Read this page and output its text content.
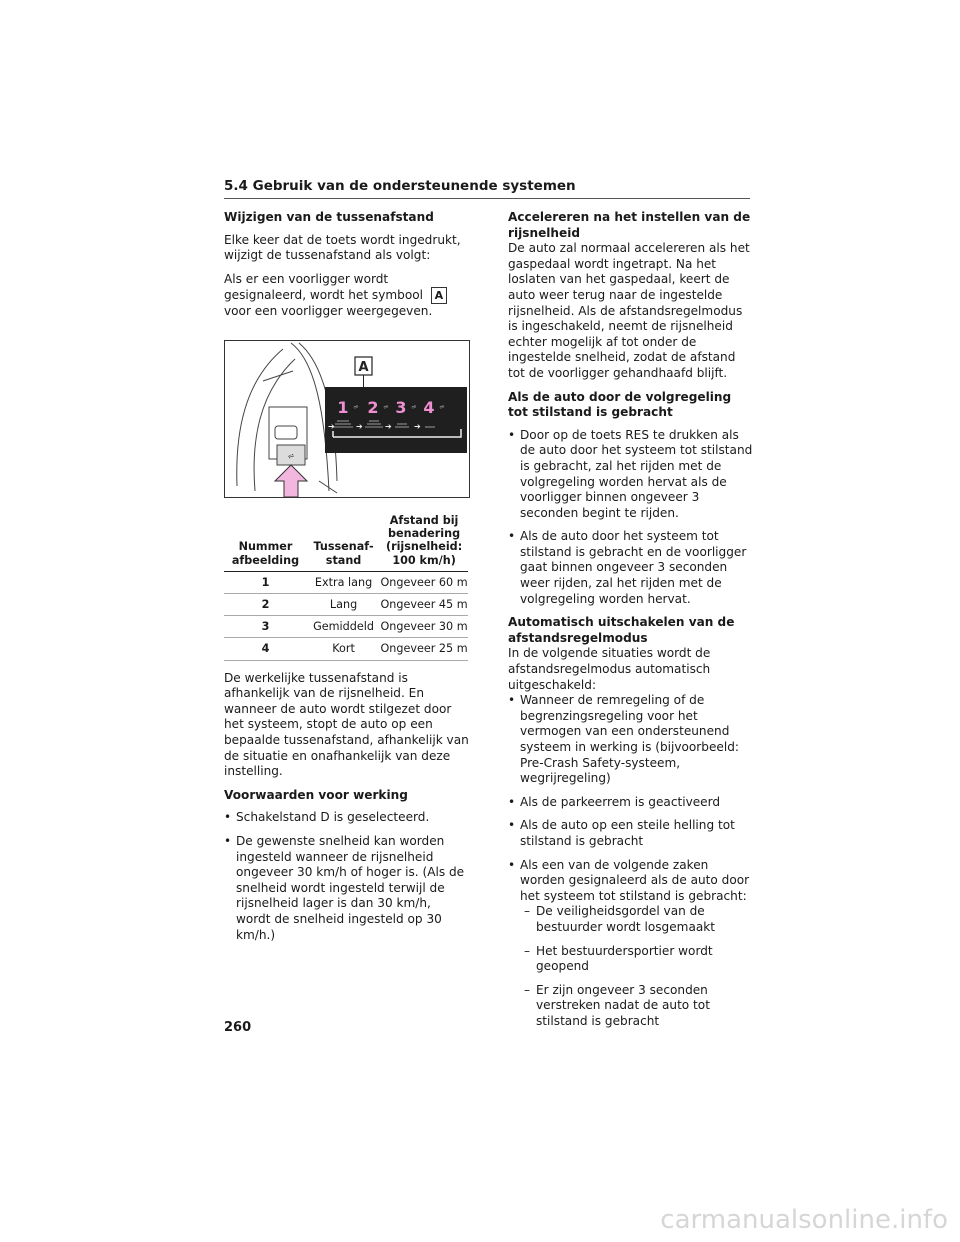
5.4 Gebruik van de ondersteunende systemen
Wijzigen van de tussenafstand

Elke keer dat de toets wordt ingedrukt, wijzigt de tussenafstand als volgt:

Als er een voorligger wordt gesignaleerd, wordt het symbool A voor een voorligger weergegeven.

⩫
A
1 2 3 4
⩫	⩫	⩫	⩫
➔	➔	➔
➔
Nummer afbeelding	Tussenaf-stand	Afstand bij benadering (rijsnelheid: 100 km/h)
1	Extra lang	Ongeveer 60 m
2	Lang	Ongeveer 45 m
3	Gemiddeld	Ongeveer 30 m
4	Kort	Ongeveer 25 m

De werkelijke tussenafstand is afhankelijk van de rijsnelheid. En wanneer de auto wordt stilgezet door het systeem, stopt de auto op een bepaalde tussenafstand, afhankelijk van de situatie en onafhankelijk van deze instelling.

Voorwaarden voor werking

• Schakelstand D is geselecteerd.

• De gewenste snelheid kan worden ingesteld wanneer de rijsnelheid ongeveer 30 km/h of hoger is. (Als de snelheid wordt ingesteld terwijl de rijsnelheid lager is dan 30 km/h, wordt de snelheid ingesteld op 30 km/h.)

Accelereren na het instellen van de rijsnelheid

De auto zal normaal accelereren als het gaspedaal wordt ingetrapt. Na het loslaten van het gaspedaal, keert de auto weer terug naar de ingestelde rijsnelheid. Als de afstandsregelmodus is ingeschakeld, neemt de rijsnelheid echter mogelijk af tot onder de ingestelde snelheid, zodat de afstand tot de voorligger gehandhaafd blijft.

Als de auto door de volgregeling tot stilstand is gebracht

• Door op de toets RES te drukken als de auto door het systeem tot stilstand is gebracht, zal het rijden met de volgregeling worden hervat als de voorligger binnen ongeveer 3 seconden begint te rijden.

• Als de auto door het systeem tot stilstand is gebracht en de voorligger gaat binnen ongeveer 3 seconden weer rijden, zal het rijden met de volgregeling worden hervat.

Automatisch uitschakelen van de afstandsregelmodus

In de volgende situaties wordt de afstandsregelmodus automatisch uitgeschakeld:

• Wanneer de remregeling of de begrenzingsregeling voor het vermogen van een ondersteunend systeem in werking is (bijvoorbeeld: Pre-Crash Safety-systeem, wegrijregeling)

• Als de parkeerrem is geactiveerd

• Als de auto op een steile helling tot stilstand is gebracht

• Als een van de volgende zaken worden gesignaleerd als de auto door het systeem tot stilstand is gebracht:

– De veiligheidsgordel van de bestuurder wordt losgemaakt

– Het bestuurdersportier wordt geopend

– Er zijn ongeveer 3 seconden verstreken nadat de auto tot stilstand is gebracht

260
carmanualsonline.info
